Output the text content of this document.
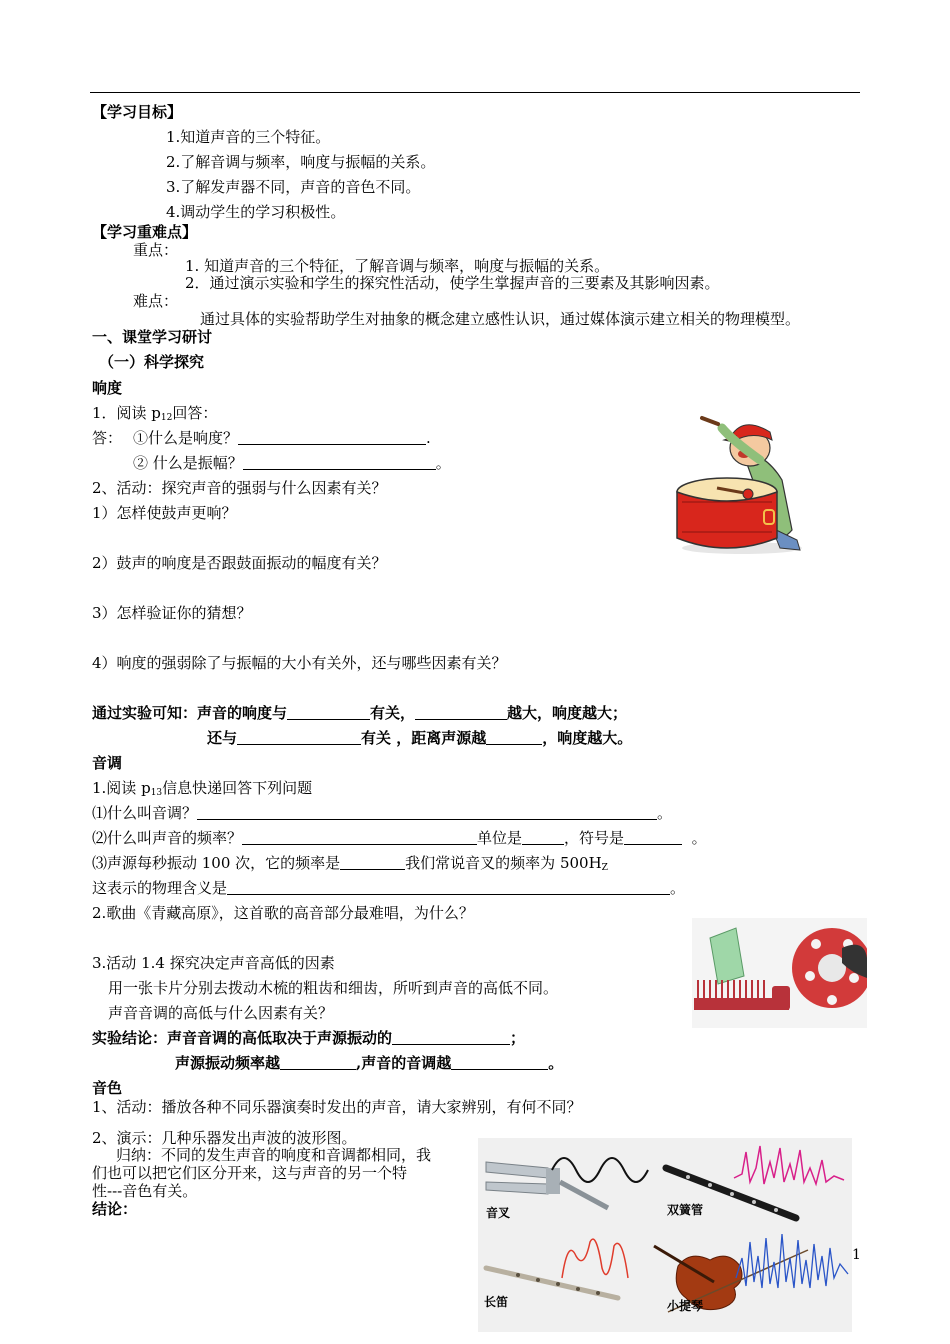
【学习目标】
1.知道声音的三个特征。
2.了解音调与频率，响度与振幅的关系。
3.了解发声器不同，声音的音色不同。
4.调动学生的学习积极性。
【学习重难点】
重点：
1. 知道声音的三个特征，了解音调与频率，响度与振幅的关系。
2．通过演示实验和学生的探究性活动，使学生掌握声音的三要素及其影响因素。
难点：
通过具体的实验帮助学生对抽象的概念建立感性认识，通过媒体演示建立相关的物理模型。
一、课堂学习研讨
（一）科学探究
响度
1．阅读 $p_{12}$回答：
答： ①什么是响度？	.
② 什么是振幅？	。
2、活动：探究声音的强弱与什么因素有关？
1）怎样使鼓声更响？
2）鼓声的响度是否跟鼓面振动的幅度有关？
3）怎样验证你的猜想？
4）响度的强弱除了与振幅的大小有关外，还与哪些因素有关？
通过实验可知：声音的响度与	有关，	越大，响度越大；
还与	有关 ，距离声源越	，响度越大。
音调
1.阅读 $p_{13}$信息快递回答下列问题
⑴什么叫音调？	。
⑵什么叫声音的频率？	单位是	，符号是	。
⑶声源每秒振动 100 次，它的频率是	我们常说音叉的频率为 $500H_Z$
这表示的物理含义是	。
2.歌曲《青藏高原》，这首歌的高音部分最难唱，为什么？
3.活动 1.4 探究决定声音高低的因素
用一张卡片分别去拨动木梳的粗齿和细齿，所听到声音的高低不同。
声音音调的高低与什么因素有关？
实验结论：声音音调的高低取决于声源振动的	；
声源振动频率越	,声音的音调越	。
音色
1、活动：播放各种不同乐器演奏时发出的声音，请大家辨别，有何不同？
2、演示：几种乐器发出声波的波形图。
归纳：不同的发生声音的响度和音调都相同，我
们也可以把它们区分开来，这与声音的另一个特
性---音色有关。
结论：	音叉	双簧管
长笛	小提琴
1
